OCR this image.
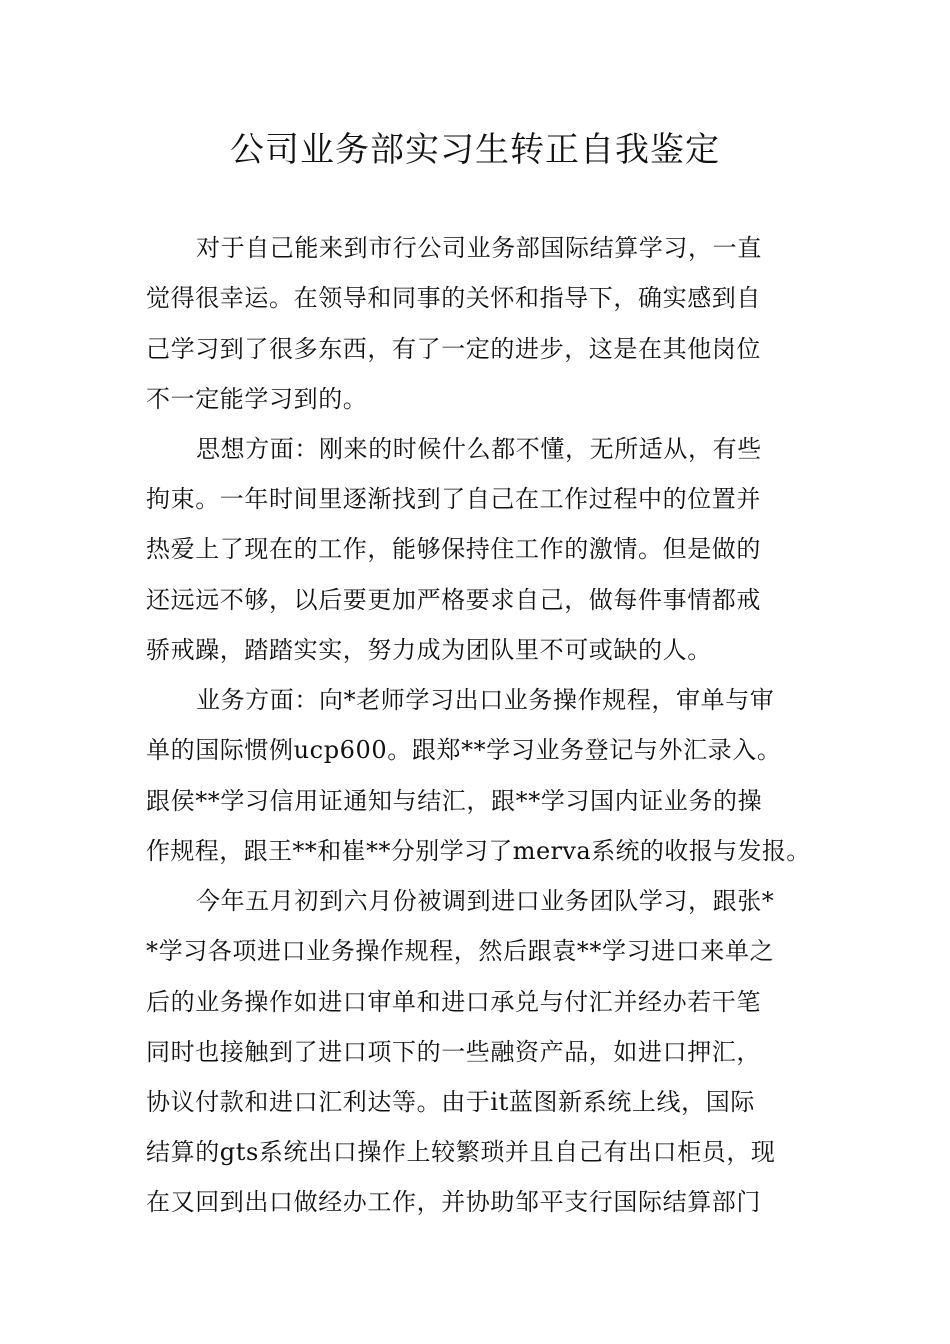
公司业务部实习生转正自我鉴定
对于自己能来到市行公司业务部国际结算学习，一直
觉得很幸运。在领导和同事的关怀和指导下，确实感到自
己学习到了很多东西，有了一定的进步，这是在其他岗位
不一定能学习到的。
思想方面：刚来的时候什么都不懂，无所适从，有些
拘束。一年时间里逐渐找到了自己在工作过程中的位置并
热爱上了现在的工作，能够保持住工作的激情。但是做的
还远远不够，以后要更加严格要求自己，做每件事情都戒
骄戒躁，踏踏实实，努力成为团队里不可或缺的人。
业务方面：向*老师学习出口业务操作规程，审单与审
单的国际惯例ucp600。跟郑**学习业务登记与外汇录入。
跟侯**学习信用证通知与结汇，跟**学习国内证业务的操
作规程，跟王**和崔**分别学习了merva系统的收报与发报。
今年五月初到六月份被调到进口业务团队学习，跟张*
*学习各项进口业务操作规程，然后跟袁**学习进口来单之
后的业务操作如进口审单和进口承兑与付汇并经办若干笔
同时也接触到了进口项下的一些融资产品，如进口押汇，
协议付款和进口汇利达等。由于it蓝图新系统上线，国际
结算的gts系统出口操作上较繁琐并且自己有出口柜员，现
在又回到出口做经办工作，并协助邹平支行国际结算部门
